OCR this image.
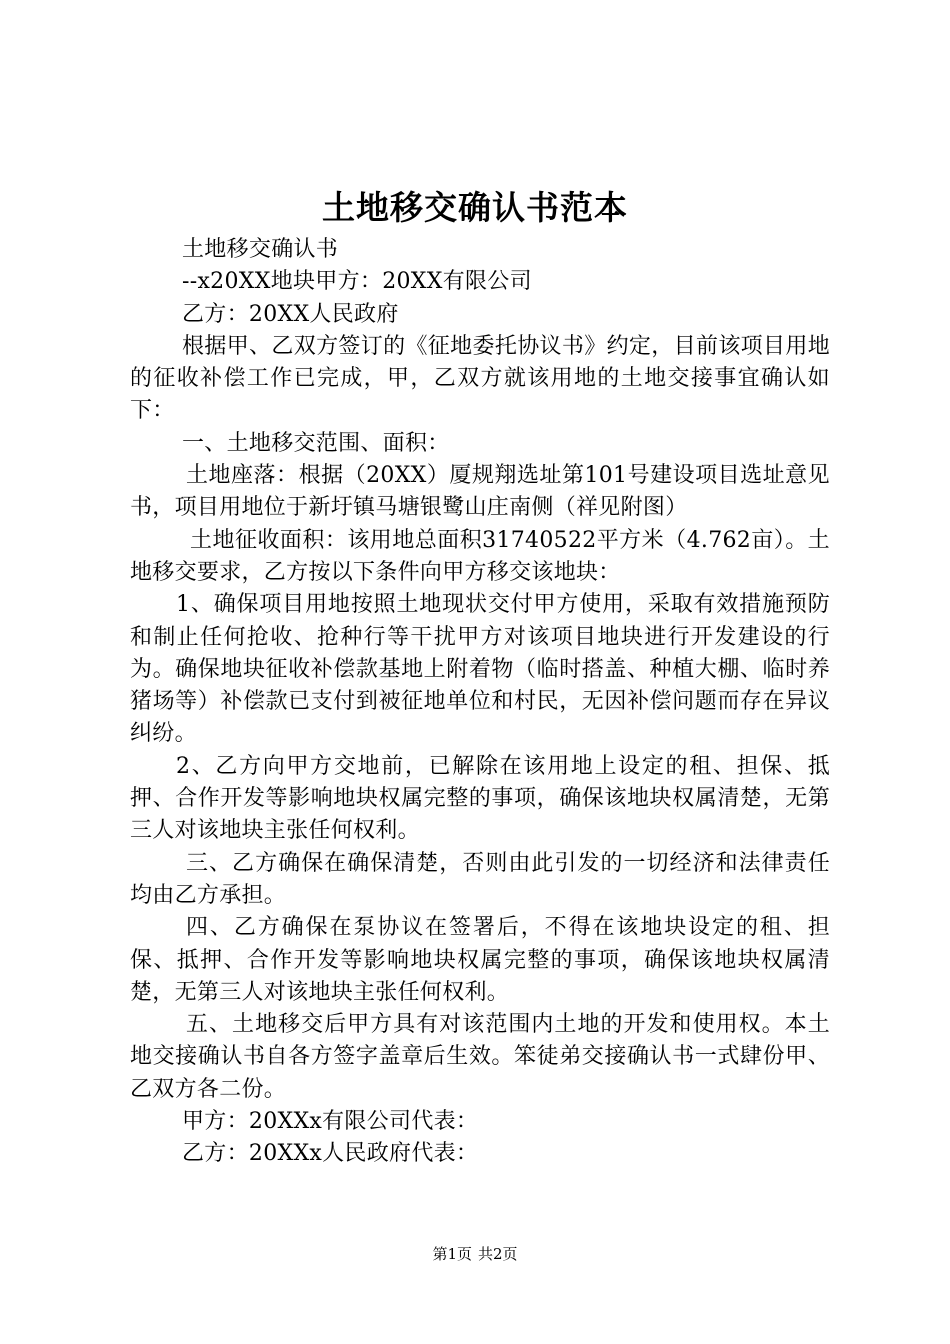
土地移交确认书范本

土地移交确认书

--x20XX地块甲方：20XX有限公司

乙方：20XX人民政府

根据甲、乙双方签订的《征地委托协议书》约定，目前该项目用地的征收补偿工作已完成，甲，乙双方就该用地的土地交接事宜确认如下：

一、土地移交范围、面积：

土地座落：根据（20XX）厦规翔选址第101号建设项目选址意见书，项目用地位于新圩镇马塘银鹭山庄南侧（祥见附图）

土地征收面积：该用地总面积31740522平方米（4.762亩）。土地移交要求，乙方按以下条件向甲方移交该地块：

1、确保项目用地按照土地现状交付甲方使用，采取有效措施预防和制止任何抢收、抢种行等干扰甲方对该项目地块进行开发建设的行为。确保地块征收补偿款基地上附着物（临时搭盖、种植大棚、临时养猪场等）补偿款已支付到被征地单位和村民，无因补偿问题而存在异议纠纷。

2、乙方向甲方交地前，已解除在该用地上设定的租、担保、抵押、合作开发等影响地块权属完整的事项，确保该地块权属清楚，无第三人对该地块主张任何权利。

三、乙方确保在确保清楚，否则由此引发的一切经济和法律责任均由乙方承担。

四、乙方确保在泵协议在签署后，不得在该地块设定的租、担保、抵押、合作开发等影响地块权属完整的事项，确保该地块权属清楚，无第三人对该地块主张任何权利。

五、土地移交后甲方具有对该范围内土地的开发和使用权。本土地交接确认书自各方签字盖章后生效。笨徒弟交接确认书一式肆份甲、乙双方各二份。

甲方：20XXx有限公司代表：

乙方：20XXx人民政府代表：

第1页 共2页
